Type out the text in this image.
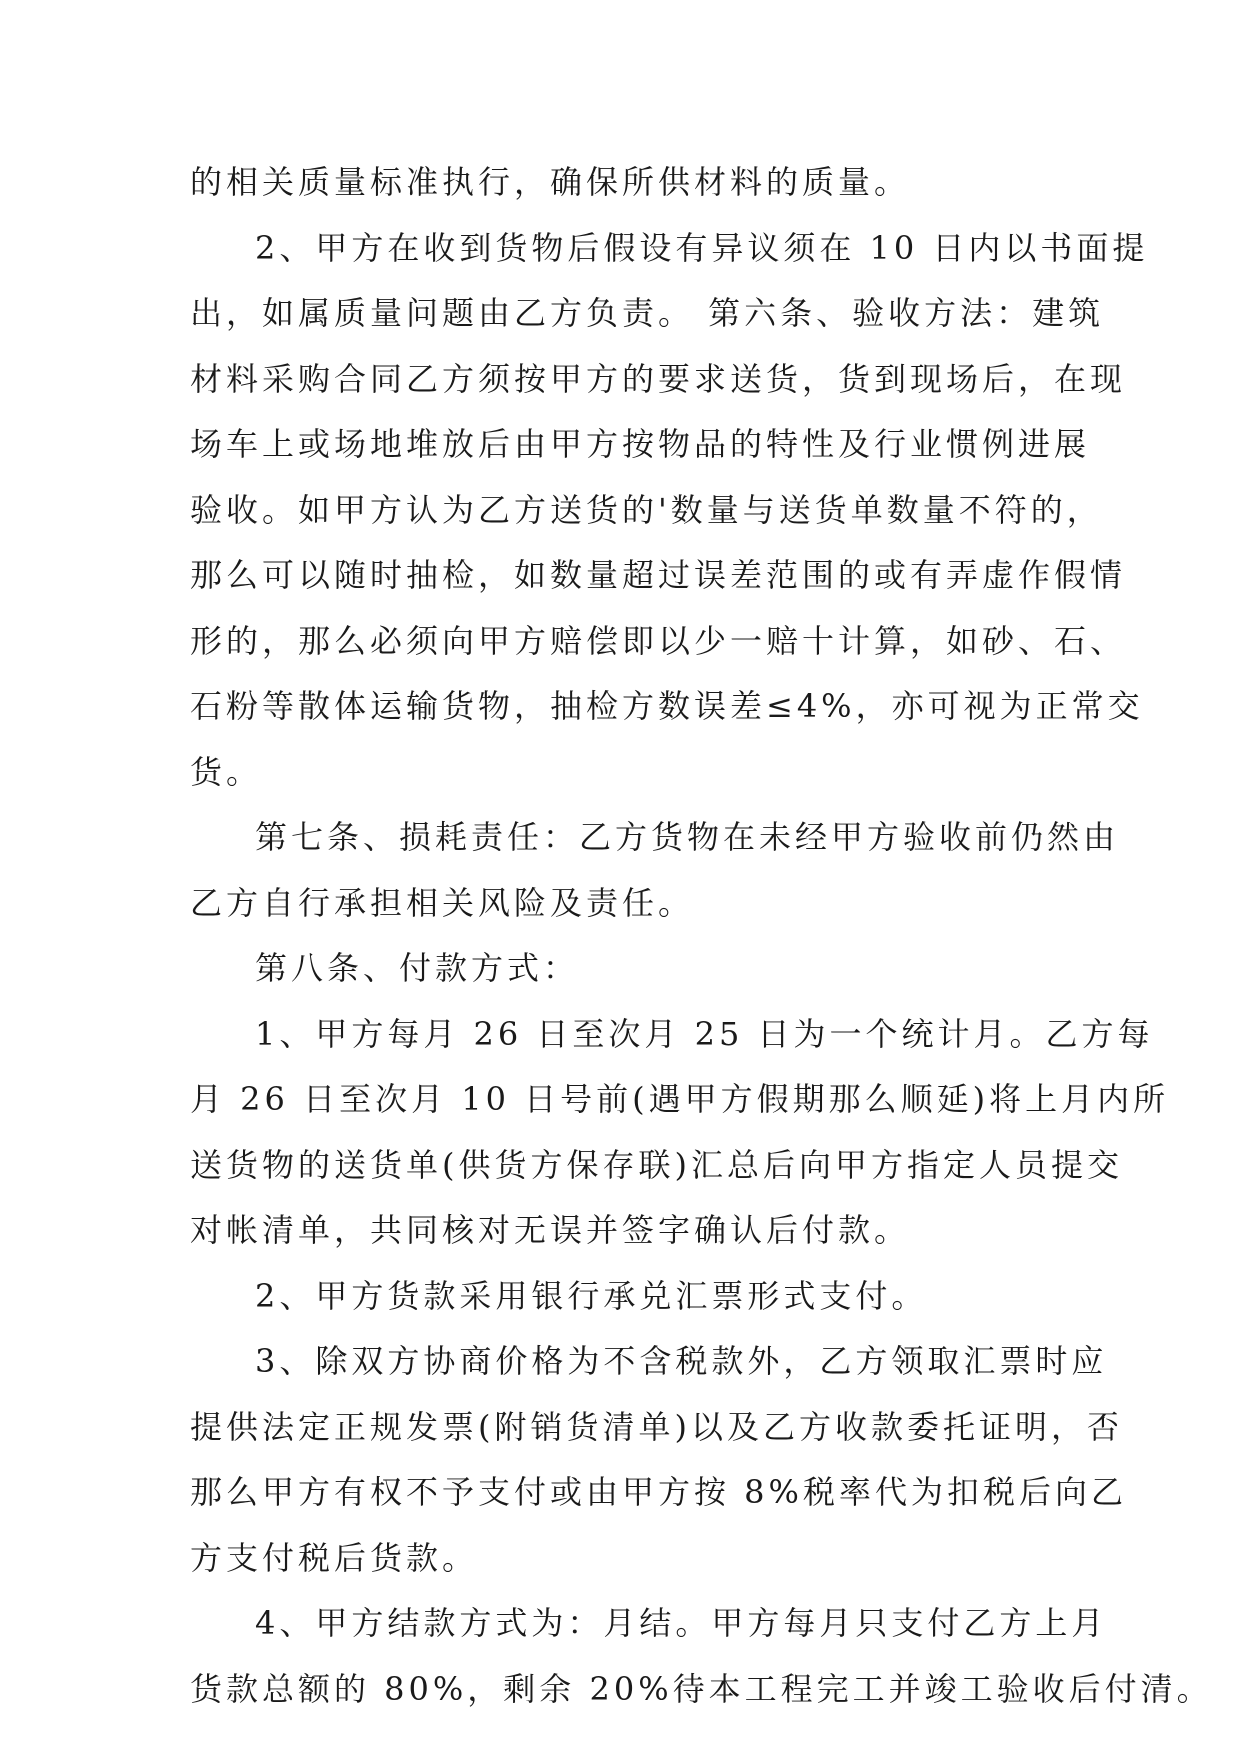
的相关质量标准执行，确保所供材料的质量。
2、甲方在收到货物后假设有异议须在 10 日内以书面提
出，如属质量问题由乙方负责。 第六条、验收方法：建筑
材料采购合同乙方须按甲方的要求送货，货到现场后，在现
场车上或场地堆放后由甲方按物品的特性及行业惯例进展
验收。如甲方认为乙方送货的'数量与送货单数量不符的，
那么可以随时抽检，如数量超过误差范围的或有弄虚作假情
形的，那么必须向甲方赔偿即以少一赔十计算，如砂、石、
石粉等散体运输货物，抽检方数误差≤4%，亦可视为正常交
货。
第七条、损耗责任：乙方货物在未经甲方验收前仍然由
乙方自行承担相关风险及责任。
第八条、付款方式：
1、甲方每月 26 日至次月 25 日为一个统计月。乙方每
月 26 日至次月 10 日号前(遇甲方假期那么顺延)将上月内所
送货物的送货单(供货方保存联)汇总后向甲方指定人员提交
对帐清单，共同核对无误并签字确认后付款。
2、甲方货款采用银行承兑汇票形式支付。
3、除双方协商价格为不含税款外，乙方领取汇票时应
提供法定正规发票(附销货清单)以及乙方收款委托证明，否
那么甲方有权不予支付或由甲方按 8%税率代为扣税后向乙
方支付税后货款。
4、甲方结款方式为：月结。甲方每月只支付乙方上月
货款总额的 80%，剩余 20%待本工程完工并竣工验收后付清。
